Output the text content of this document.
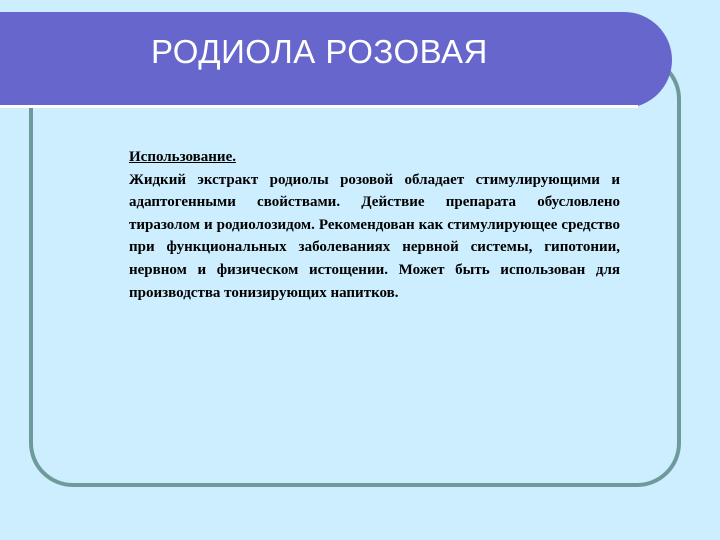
РОДИОЛА РОЗОВАЯ
Использование.
Жидкий экстракт родиолы розовой обладает стимулирующими и адаптогенными свойствами. Действие препарата обусловлено тиразолом и родиолозидом. Рекомендован как стимулирующее средство при функциональных заболеваниях нервной системы, гипотонии, нервном и физическом истощении. Может быть использован для производства тонизирующих напитков.
